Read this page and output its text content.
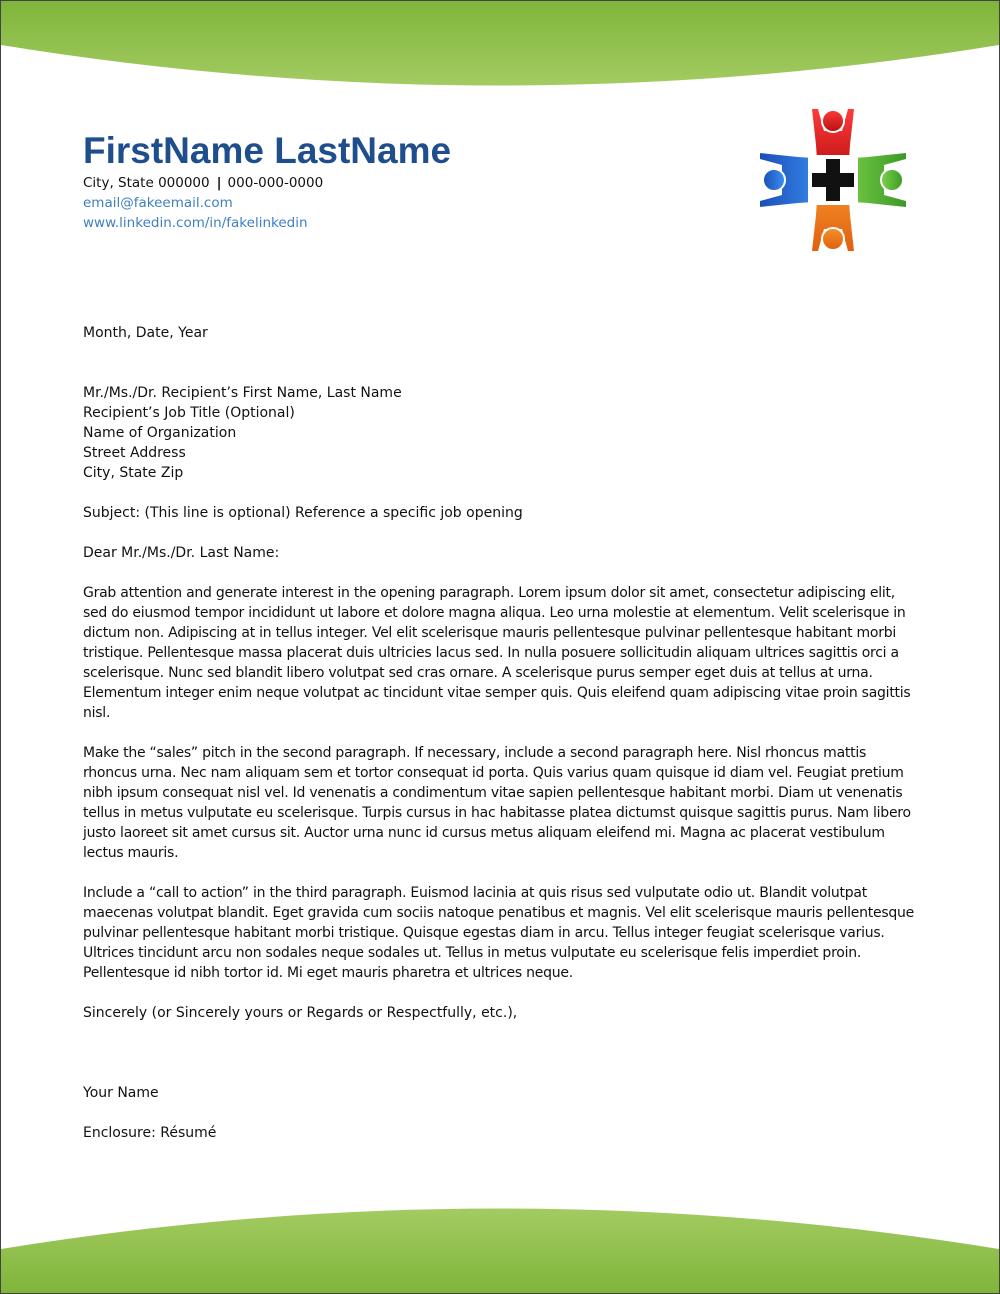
FirstName LastName
City, State 000000 | 000-000-0000
email@fakeemail.com
www.linkedin.com/in/fakelinkedin

Month, Date, Year

Mr./Ms./Dr. Recipient’s First Name, Last Name
Recipient’s Job Title (Optional)
Name of Organization
Street Address
City, State Zip

Subject: (This line is optional) Reference a specific job opening

Dear Mr./Ms./Dr. Last Name:

Grab attention and generate interest in the opening paragraph. Lorem ipsum dolor sit amet, consectetur adipiscing elit, sed do eiusmod tempor incididunt ut labore et dolore magna aliqua. Leo urna molestie at elementum. Velit scelerisque in dictum non. Adipiscing at in tellus integer. Vel elit scelerisque mauris pellentesque pulvinar pellentesque habitant morbi tristique. Pellentesque massa placerat duis ultricies lacus sed. In nulla posuere sollicitudin aliquam ultrices sagittis orci a scelerisque. Nunc sed blandit libero volutpat sed cras ornare. A scelerisque purus semper eget duis at tellus at urna. Elementum integer enim neque volutpat ac tincidunt vitae semper quis. Quis eleifend quam adipiscing vitae proin sagittis nisl.

Make the “sales” pitch in the second paragraph. If necessary, include a second paragraph here. Nisl rhoncus mattis rhoncus urna. Nec nam aliquam sem et tortor consequat id porta. Quis varius quam quisque id diam vel. Feugiat pretium nibh ipsum consequat nisl vel. Id venenatis a condimentum vitae sapien pellentesque habitant morbi. Diam ut venenatis tellus in metus vulputate eu scelerisque. Turpis cursus in hac habitasse platea dictumst quisque sagittis purus. Nam libero justo laoreet sit amet cursus sit. Auctor urna nunc id cursus metus aliquam eleifend mi. Magna ac placerat vestibulum lectus mauris.

Include a “call to action” in the third paragraph. Euismod lacinia at quis risus sed vulputate odio ut. Blandit volutpat maecenas volutpat blandit. Eget gravida cum sociis natoque penatibus et magnis. Vel elit scelerisque mauris pellentesque pulvinar pellentesque habitant morbi tristique. Quisque egestas diam in arcu. Tellus integer feugiat scelerisque varius. Ultrices tincidunt arcu non sodales neque sodales ut. Tellus in metus vulputate eu scelerisque felis imperdiet proin. Pellentesque id nibh tortor id. Mi eget mauris pharetra et ultrices neque.

Sincerely (or Sincerely yours or Regards or Respectfully, etc.),

Your Name

Enclosure: Résumé
